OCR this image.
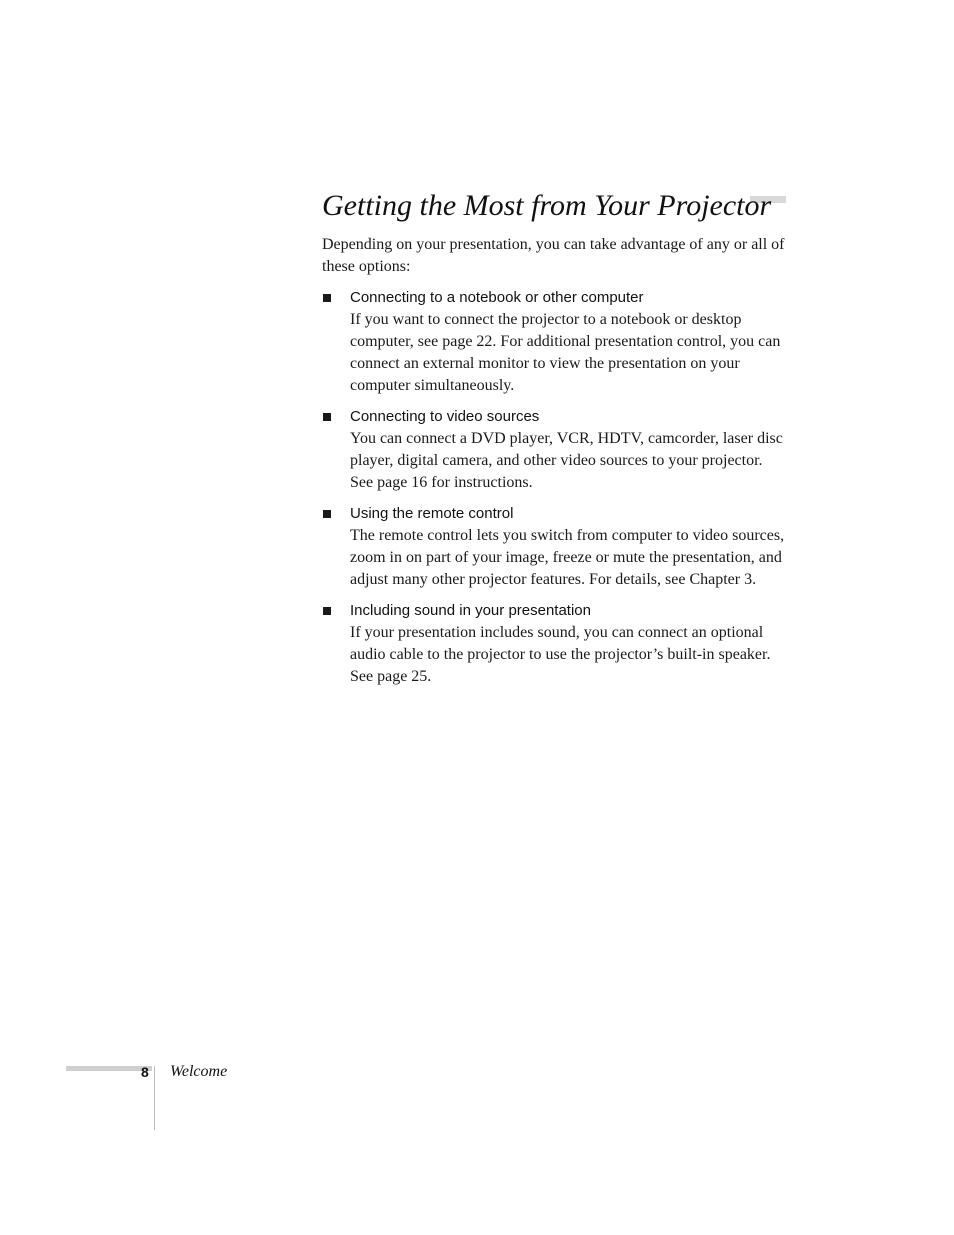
Getting the Most from Your Projector

Depending on your presentation, you can take advantage of any or all of these options:

Connecting to a notebook or other computer
If you want to connect the projector to a notebook or desktop computer, see page 22. For additional presentation control, you can connect an external monitor to view the presentation on your computer simultaneously.
Connecting to video sources
You can connect a DVD player, VCR, HDTV, camcorder, laser disc player, digital camera, and other video sources to your projector. See page 16 for instructions.
Using the remote control
The remote control lets you switch from computer to video sources, zoom in on part of your image, freeze or mute the presentation, and adjust many other projector features. For details, see Chapter 3.
Including sound in your presentation
If your presentation includes sound, you can connect an optional audio cable to the projector to use the projector’s built-in speaker. See page 25.
8 Welcome
